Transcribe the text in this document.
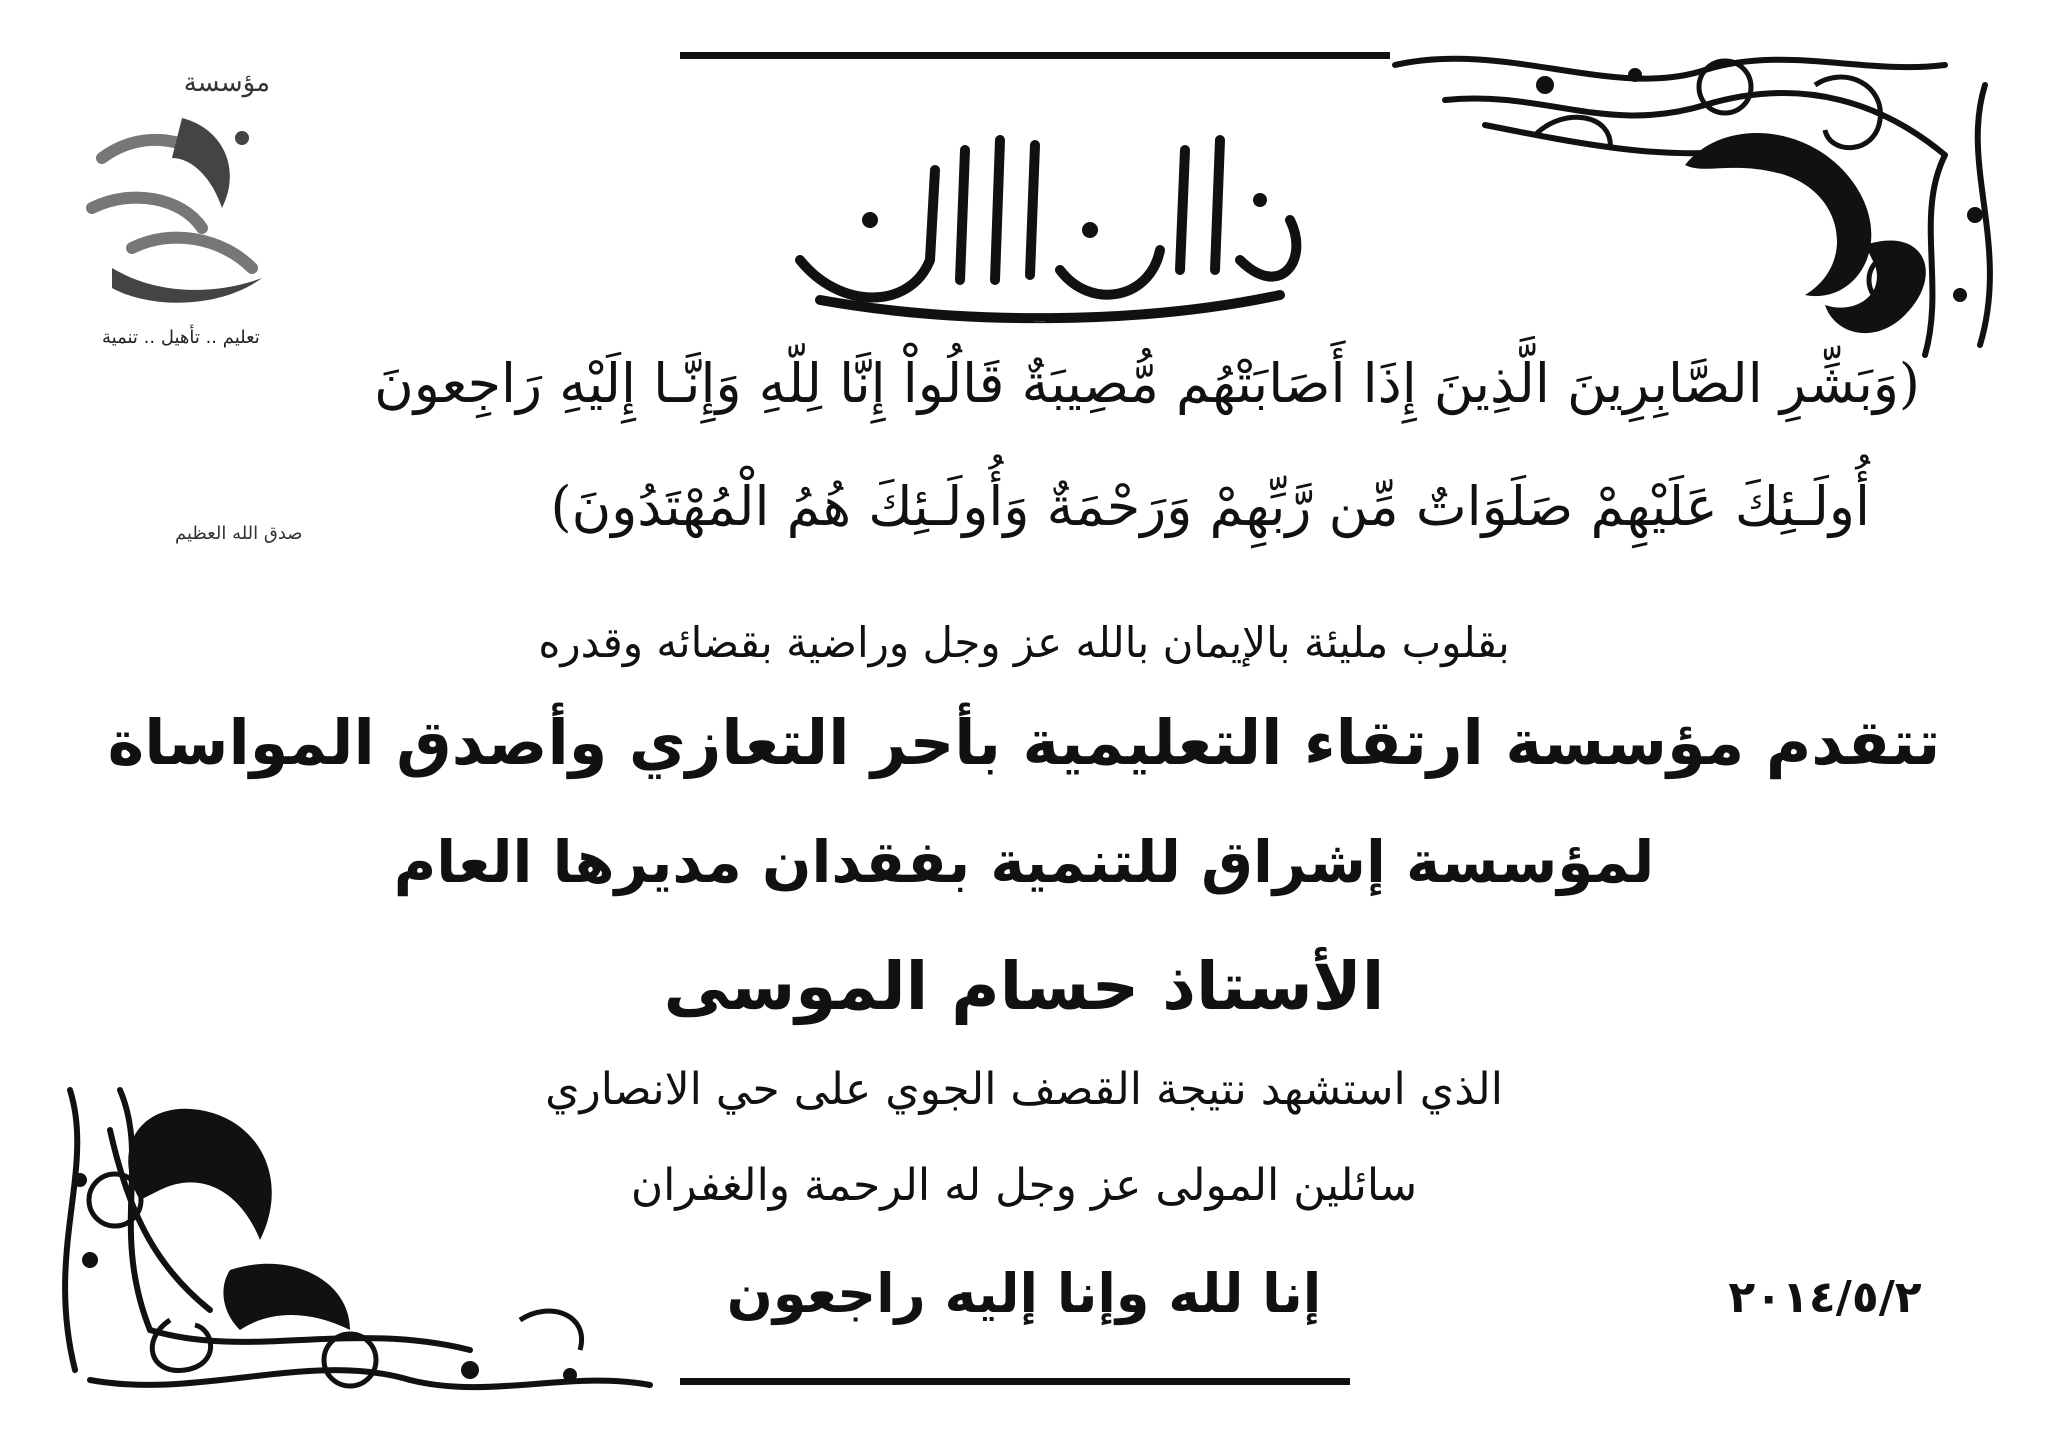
مؤسسة
تعليم .. تأهيل .. تنمية
بسم الله الرحمن الرحيم
(وَبَشِّرِ الصَّابِرِينَ الَّذِينَ إِذَا أَصَابَتْهُم مُّصِيبَةٌ قَالُواْ إِنَّا لِلّهِ وَإِنَّـا إِلَيْهِ رَاجِعونَ
أُولَـئِكَ عَلَيْهِمْ صَلَوَاتٌ مِّن رَّبِّهِمْ وَرَحْمَةٌ وَأُولَـئِكَ هُمُ الْمُهْتَدُونَ)
صدق الله العظيم
بقلوب مليئة بالإيمان بالله عز وجل وراضية بقضائه وقدره
تتقدم مؤسسة ارتقاء التعليمية بأحر التعازي وأصدق المواساة
لمؤسسة إشراق للتنمية بفقدان مديرها العام
الأستاذ حسام الموسى
الذي استشهد نتيجة القصف الجوي على حي الانصاري
سائلين المولى عز وجل له الرحمة والغفران
إنا لله وإنا إليه راجعون	٢٠١٤/٥/٢
